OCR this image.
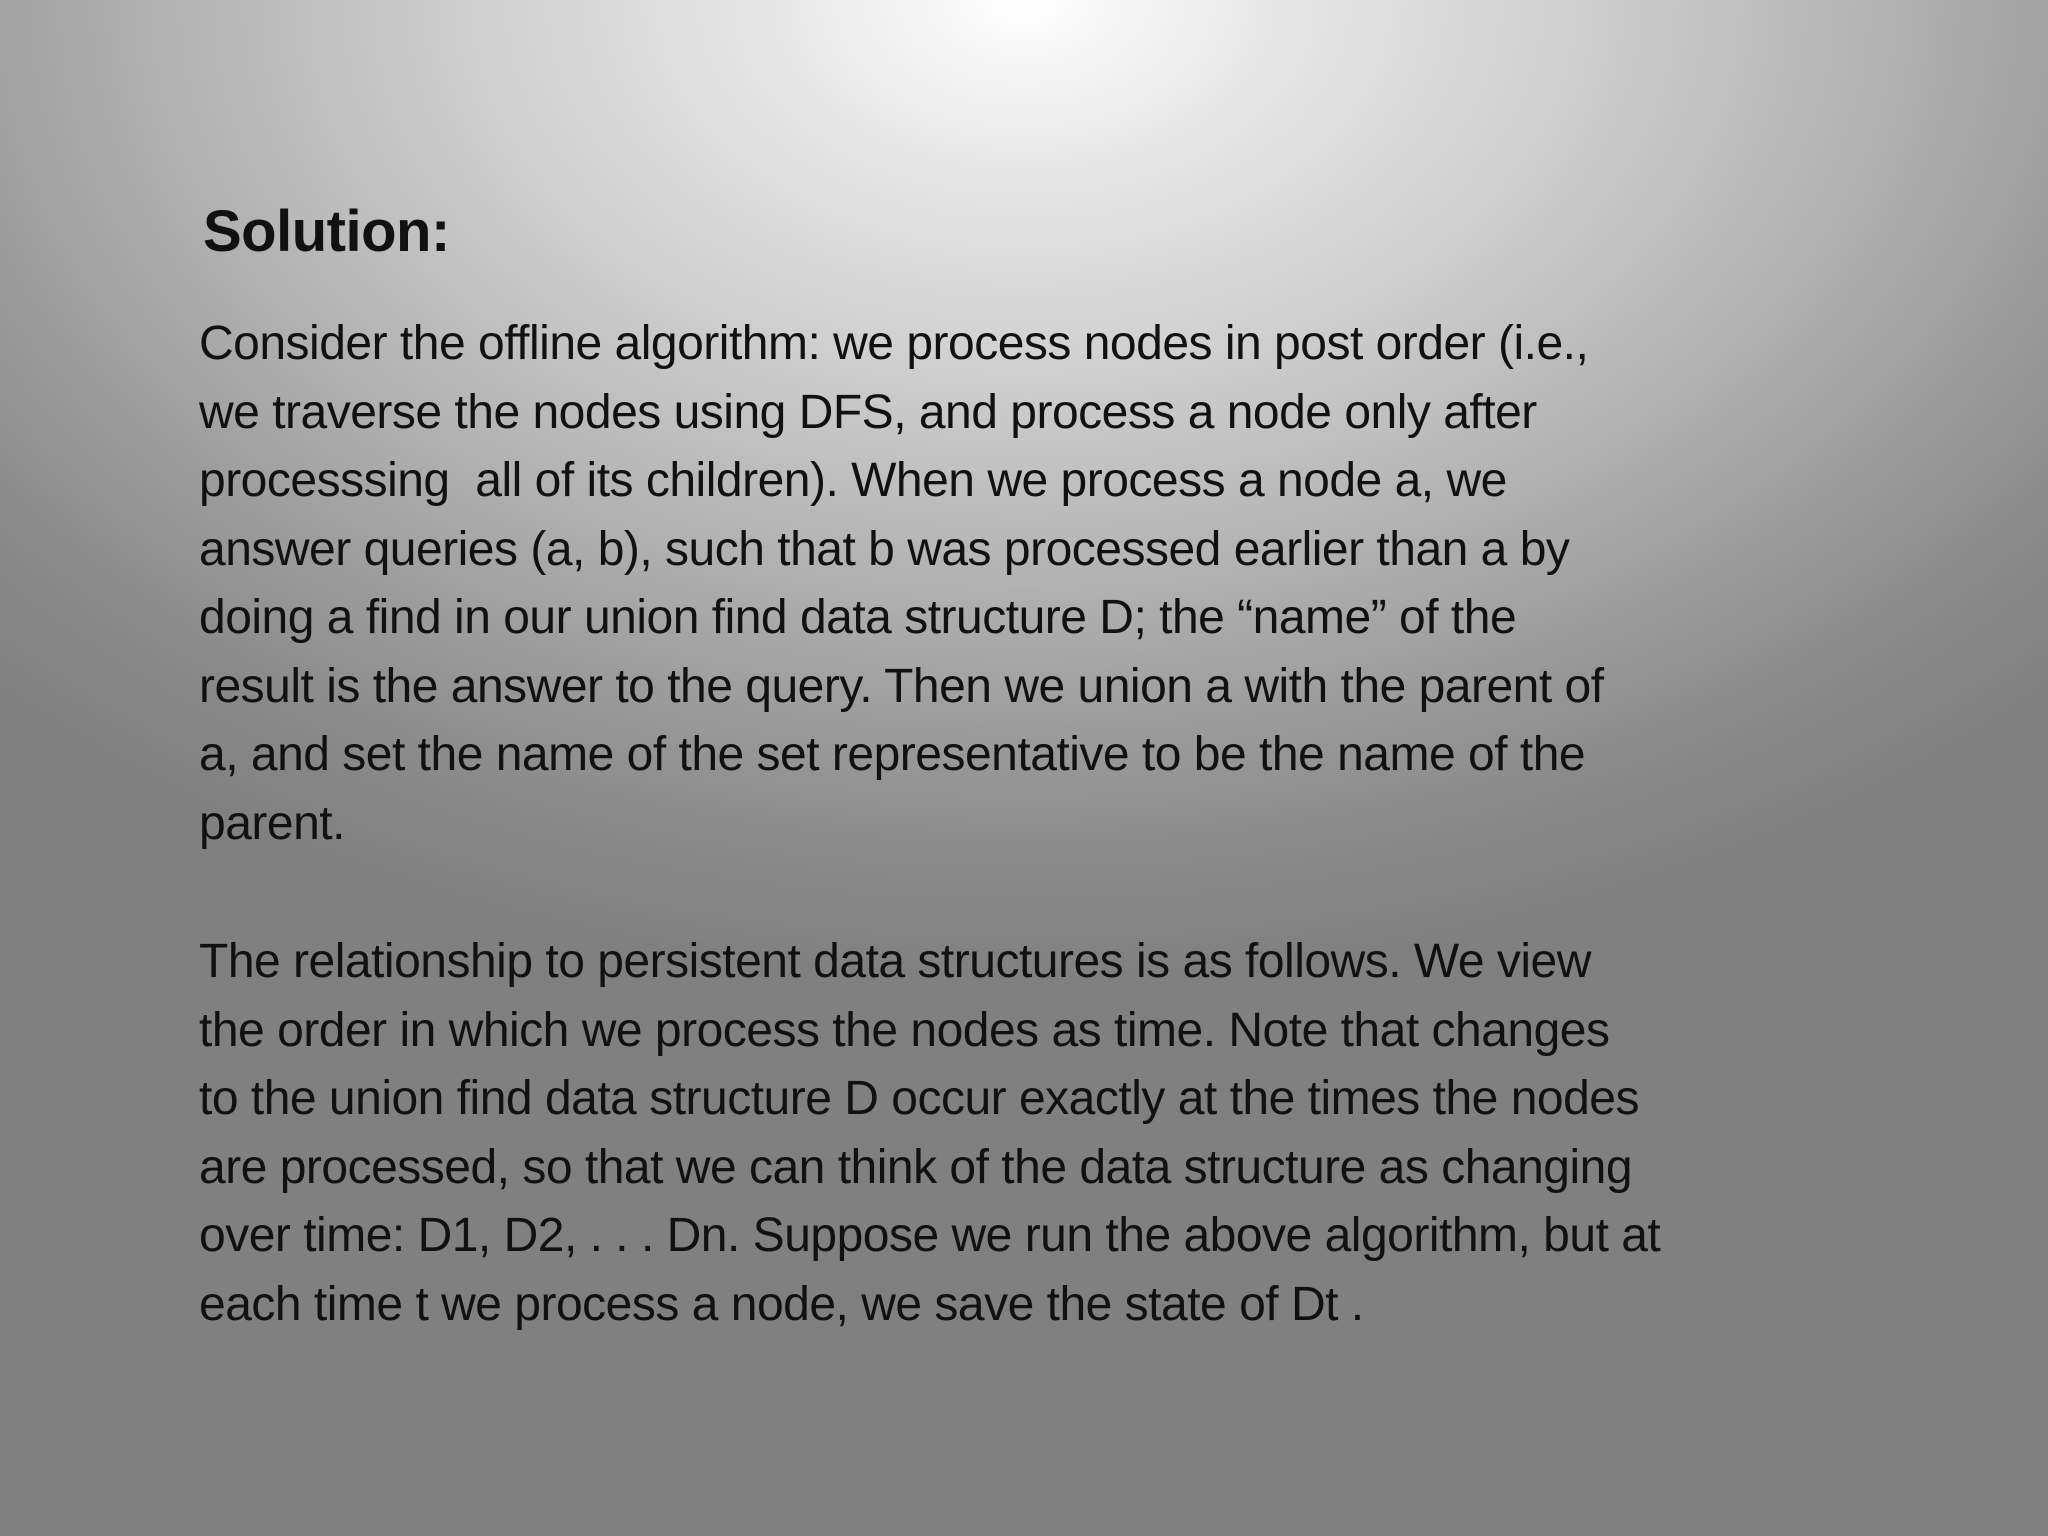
Solution:

Consider the offline algorithm: we process nodes in post order (i.e.,
we traverse the nodes using DFS, and process a node only after
processsing  all of its children). When we process a node a, we
answer queries (a, b), such that b was processed earlier than a by
doing a find in our union find data structure D; the “name” of the
result is the answer to the query. Then we union a with the parent of
a, and set the name of the set representative to be the name of the
parent.

The relationship to persistent data structures is as follows. We view
the order in which we process the nodes as time. Note that changes
to the union find data structure D occur exactly at the times the nodes
are processed, so that we can think of the data structure as changing
over time: D1, D2, . . . Dn. Suppose we run the above algorithm, but at
each time t we process a node, we save the state of Dt .
